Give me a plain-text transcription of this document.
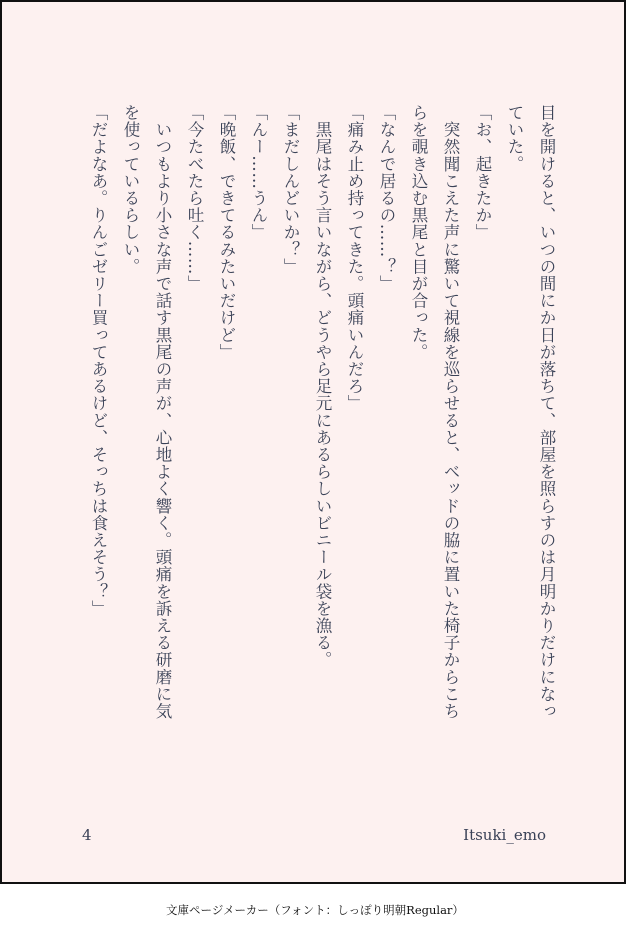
目を開けると、いつの間にか日が落ちて、部屋を照らすのは月明かりだけになっていた。

「お、起きたか」

　突然聞こえた声に驚いて視線を巡らせると、ベッドの脇に置いた椅子からこちらを覗き込む黒尾と目が合った。

「なんで居るの……？」

「痛み止め持ってきた。頭痛いんだろ」

　黒尾はそう言いながら、どうやら足元にあるらしいビニール袋を漁る。

「まだしんどいか？」

「んー……うん」

「晩飯、できてるみたいだけど」

「今たべたら吐く……」

　いつもより小さな声で話す黒尾の声が、心地よく響く。頭痛を訴える研磨に気を使っているらしい。

「だよなあ。りんごゼリー買ってあるけど、そっちは食えそう？」

4	Itsuki_emo
文庫ページメーカー（フォント：しっぽり明朝Regular）
